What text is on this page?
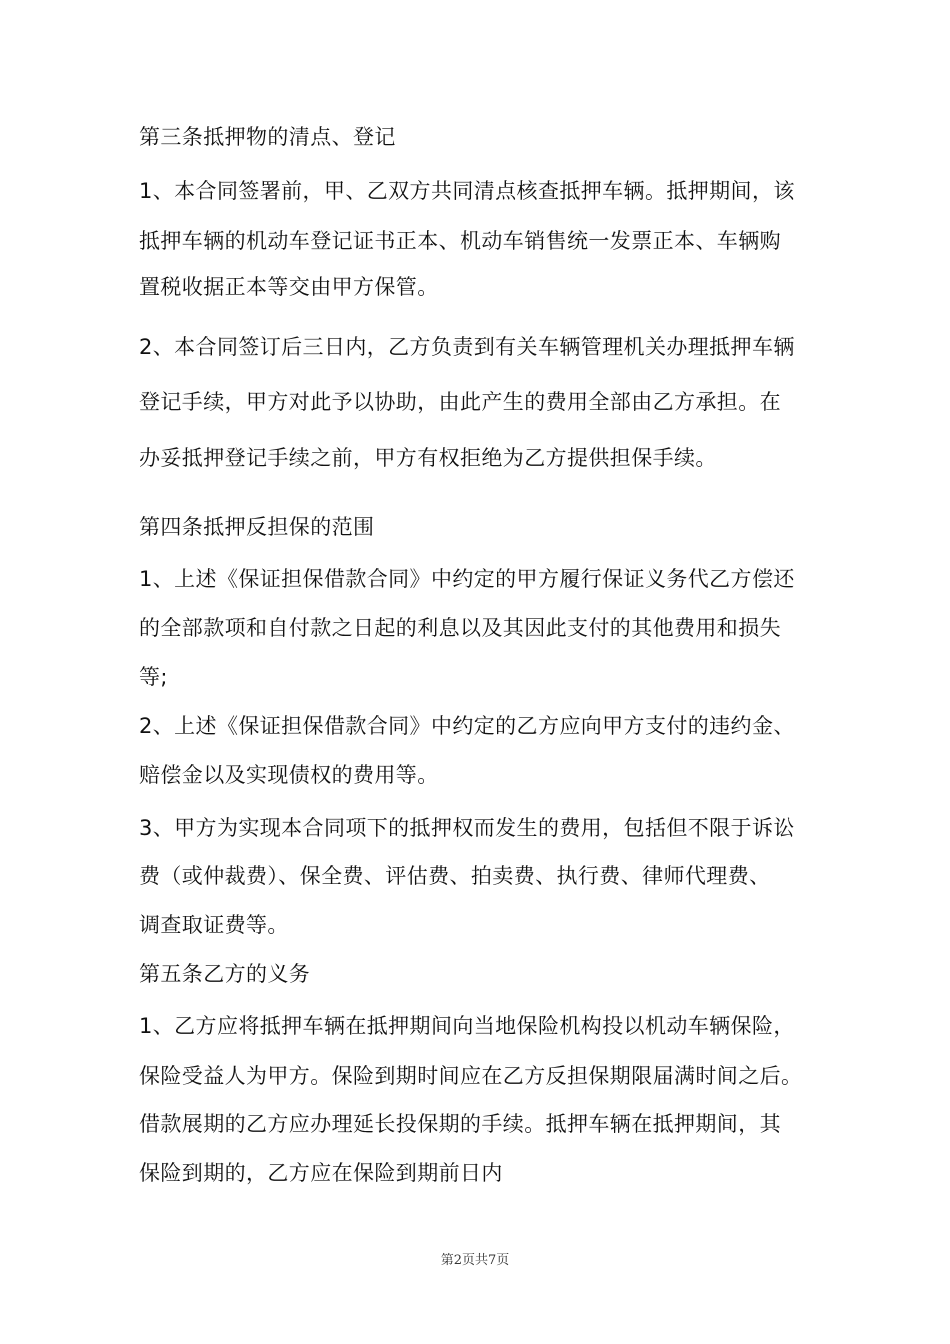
第三条抵押物的清点、登记
1、本合同签署前，甲、乙双方共同清点核查抵押车辆。抵押期间，该
抵押车辆的机动车登记证书正本、机动车销售统一发票正本、车辆购
置税收据正本等交由甲方保管。
2、本合同签订后三日内，乙方负责到有关车辆管理机关办理抵押车辆
登记手续，甲方对此予以协助，由此产生的费用全部由乙方承担。在
办妥抵押登记手续之前，甲方有权拒绝为乙方提供担保手续。
第四条抵押反担保的范围
1、上述《保证担保借款合同》中约定的甲方履行保证义务代乙方偿还
的全部款项和自付款之日起的利息以及其因此支付的其他费用和损失
等;
2、上述《保证担保借款合同》中约定的乙方应向甲方支付的违约金、
赔偿金以及实现债权的费用等。
3、甲方为实现本合同项下的抵押权而发生的费用，包括但不限于诉讼
费（或仲裁费）、保全费、评估费、拍卖费、执行费、律师代理费、
调查取证费等。
第五条乙方的义务
1、乙方应将抵押车辆在抵押期间向当地保险机构投以机动车辆保险，
保险受益人为甲方。保险到期时间应在乙方反担保期限届满时间之后。
借款展期的乙方应办理延长投保期的手续。抵押车辆在抵押期间，其
保险到期的，乙方应在保险到期前日内
第2页共7页
